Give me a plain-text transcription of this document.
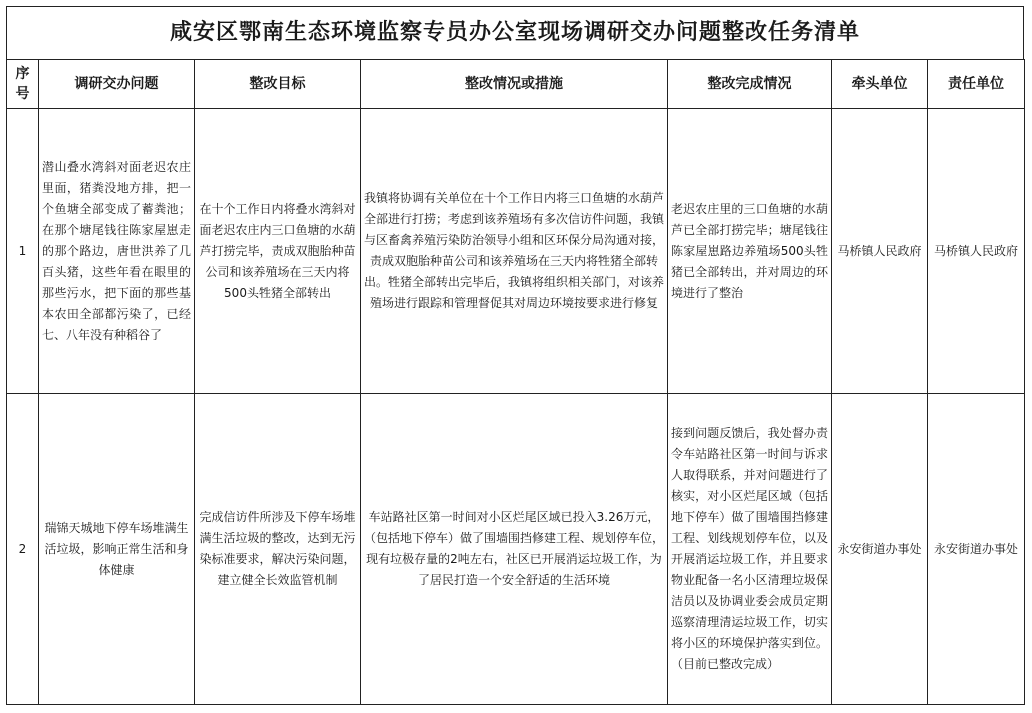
咸安区鄂南生态环境监察专员办公室现场调研交办问题整改任务清单
序号	调研交办问题	整改目标	整改情况或措施	整改完成情况	牵头单位	责任单位
1	潜山叠水湾斜对面老迟农庄里面，猪粪没地方排，把一个鱼塘全部变成了蓄粪池；在那个塘尾钱往陈家屋崽走的那个路边，唐世洪养了几百头猪，这些年看在眼里的那些污水，把下面的那些基本农田全部都污染了，已经七、八年没有种稻谷了	在十个工作日内将叠水湾斜对面老迟农庄内三口鱼塘的水葫芦打捞完毕，责成双胞胎种苗公司和该养殖场在三天内将500头牲猪全部转出	我镇将协调有关单位在十个工作日内将三口鱼塘的水葫芦全部进行打捞；考虑到该养殖场有多次信访件问题，我镇与区畜禽养殖污染防治领导小组和区环保分局沟通对接，责成双胞胎种苗公司和该养殖场在三天内将牲猪全部转出。牲猪全部转出完毕后，我镇将组织相关部门，对该养殖场进行跟踪和管理督促其对周边环境按要求进行修复	老迟农庄里的三口鱼塘的水葫芦已全部打捞完毕；塘尾钱往陈家屋崽路边养殖场500头牲猪已全部转出，并对周边的环境进行了整治	马桥镇人民政府	马桥镇人民政府
2	瑞锦天城地下停车场堆满生活垃圾，影响正常生活和身体健康	完成信访件所涉及下停车场堆满生活垃圾的整改，达到无污染标准要求，解决污染问题，建立健全长效监管机制	车站路社区第一时间对小区烂尾区域已投入3.26万元，（包括地下停车）做了围墙围挡修建工程、规划停车位，现有垃极存量的2吨左右，社区已开展消运垃圾工作，为了居民打造一个安全舒适的生活环境	接到问题反馈后，我处督办责令车站路社区第一时间与诉求人取得联系，并对问题进行了核实，对小区烂尾区域（包括地下停车）做了围墙围挡修建工程、划线规划停车位，以及开展消运垃圾工作，并且要求物业配备一名小区清理垃圾保洁员以及协调业委会成员定期巡察清理清运垃圾工作，切实将小区的环境保护落实到位。（目前已整改完成）	永安街道办事处	永安街道办事处
